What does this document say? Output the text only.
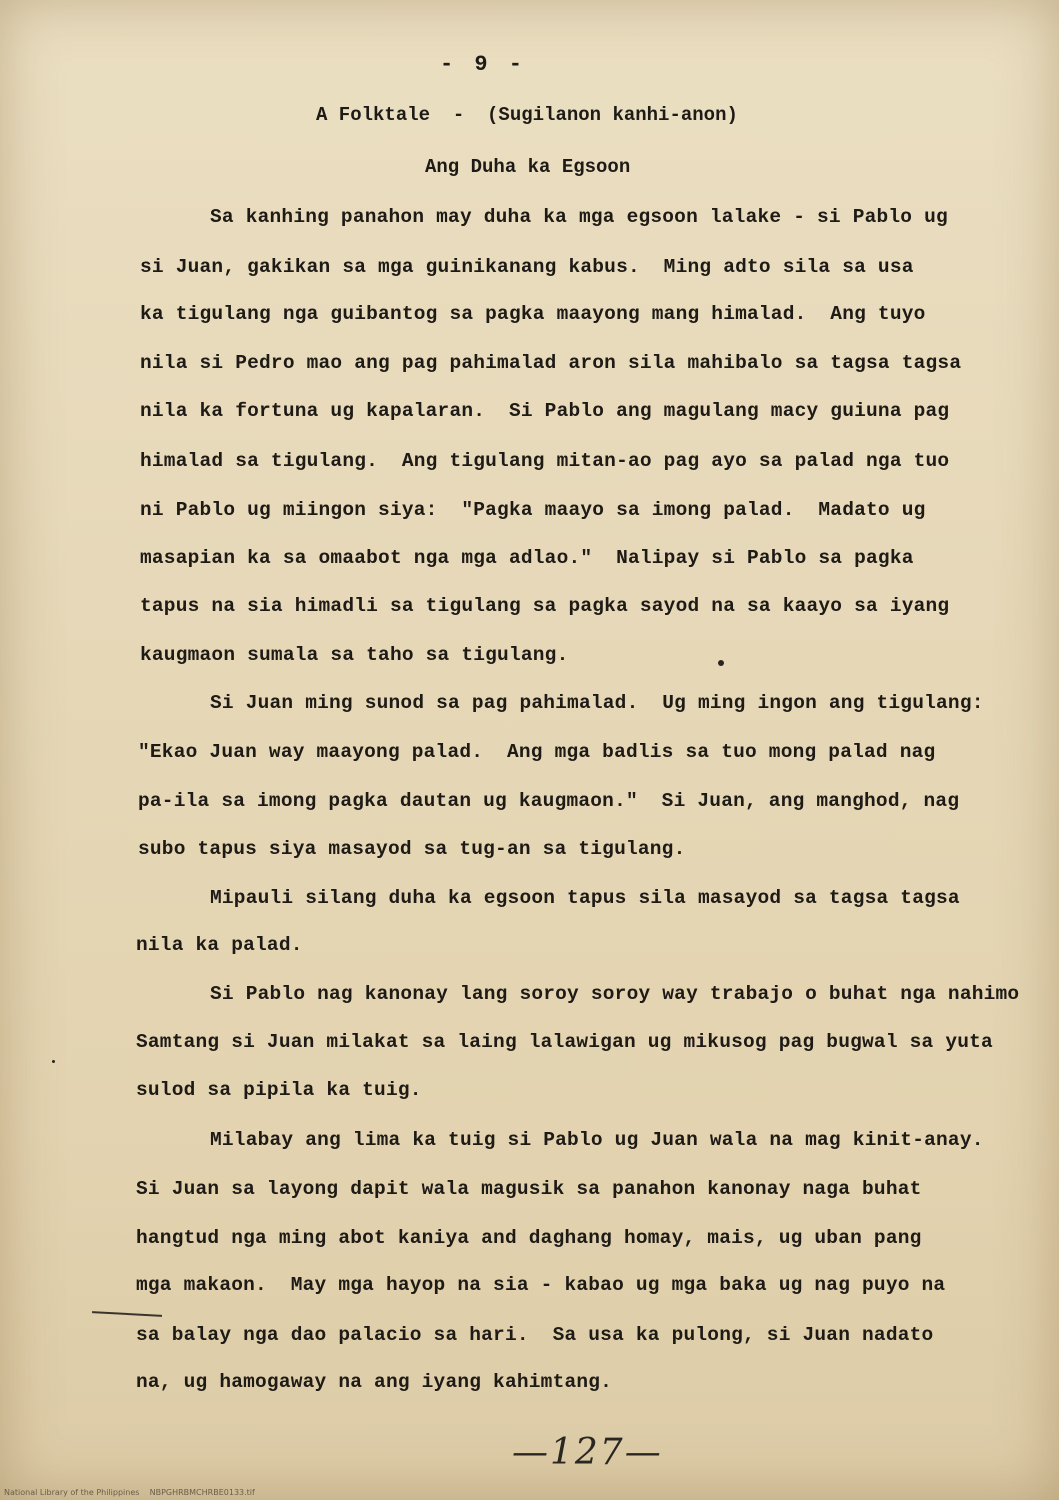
- 9 -
A Folktale  -  (Sugilanon kanhi-anon)
Ang Duha ka Egsoon
Sa kanhing panahon may duha ka mga egsoon lalake - si Pablo ug
si Juan, gakikan sa mga guinikanang kabus.  Ming adto sila sa usa
ka tigulang nga guibantog sa pagka maayong mang himalad.  Ang tuyo
nila si Pedro mao ang pag pahimalad aron sila mahibalo sa tagsa tagsa
nila ka fortuna ug kapalaran.  Si Pablo ang magulang macy guiuna pag
himalad sa tigulang.  Ang tigulang mitan-ao pag ayo sa palad nga tuo
ni Pablo ug miingon siya:  "Pagka maayo sa imong palad.  Madato ug
masapian ka sa omaabot nga mga adlao."  Nalipay si Pablo sa pagka
tapus na sia himadli sa tigulang sa pagka sayod na sa kaayo sa iyang
kaugmaon sumala sa taho sa tigulang.
Si Juan ming sunod sa pag pahimalad.  Ug ming ingon ang tigulang:
"Ekao Juan way maayong palad.  Ang mga badlis sa tuo mong palad nag
pa-ila sa imong pagka dautan ug kaugmaon."  Si Juan, ang manghod, nag
subo tapus siya masayod sa tug-an sa tigulang.
Mipauli silang duha ka egsoon tapus sila masayod sa tagsa tagsa
nila ka palad.
Si Pablo nag kanonay lang soroy soroy way trabajo o buhat nga nahimo
Samtang si Juan milakat sa laing lalawigan ug mikusog pag bugwal sa yuta
sulod sa pipila ka tuig.
Milabay ang lima ka tuig si Pablo ug Juan wala na mag kinit-anay.
Si Juan sa layong dapit wala magusik sa panahon kanonay naga buhat
hangtud nga ming abot kaniya and daghang homay, mais, ug uban pang
mga makaon.  May mga hayop na sia - kabao ug mga baka ug nag puyo na
sa balay nga dao palacio sa hari.  Sa usa ka pulong, si Juan nadato
na, ug hamogaway na ang iyang kahimtang.
—127—
National Library of the Philippines    NBPGHRBMCHRBE0133.tif
